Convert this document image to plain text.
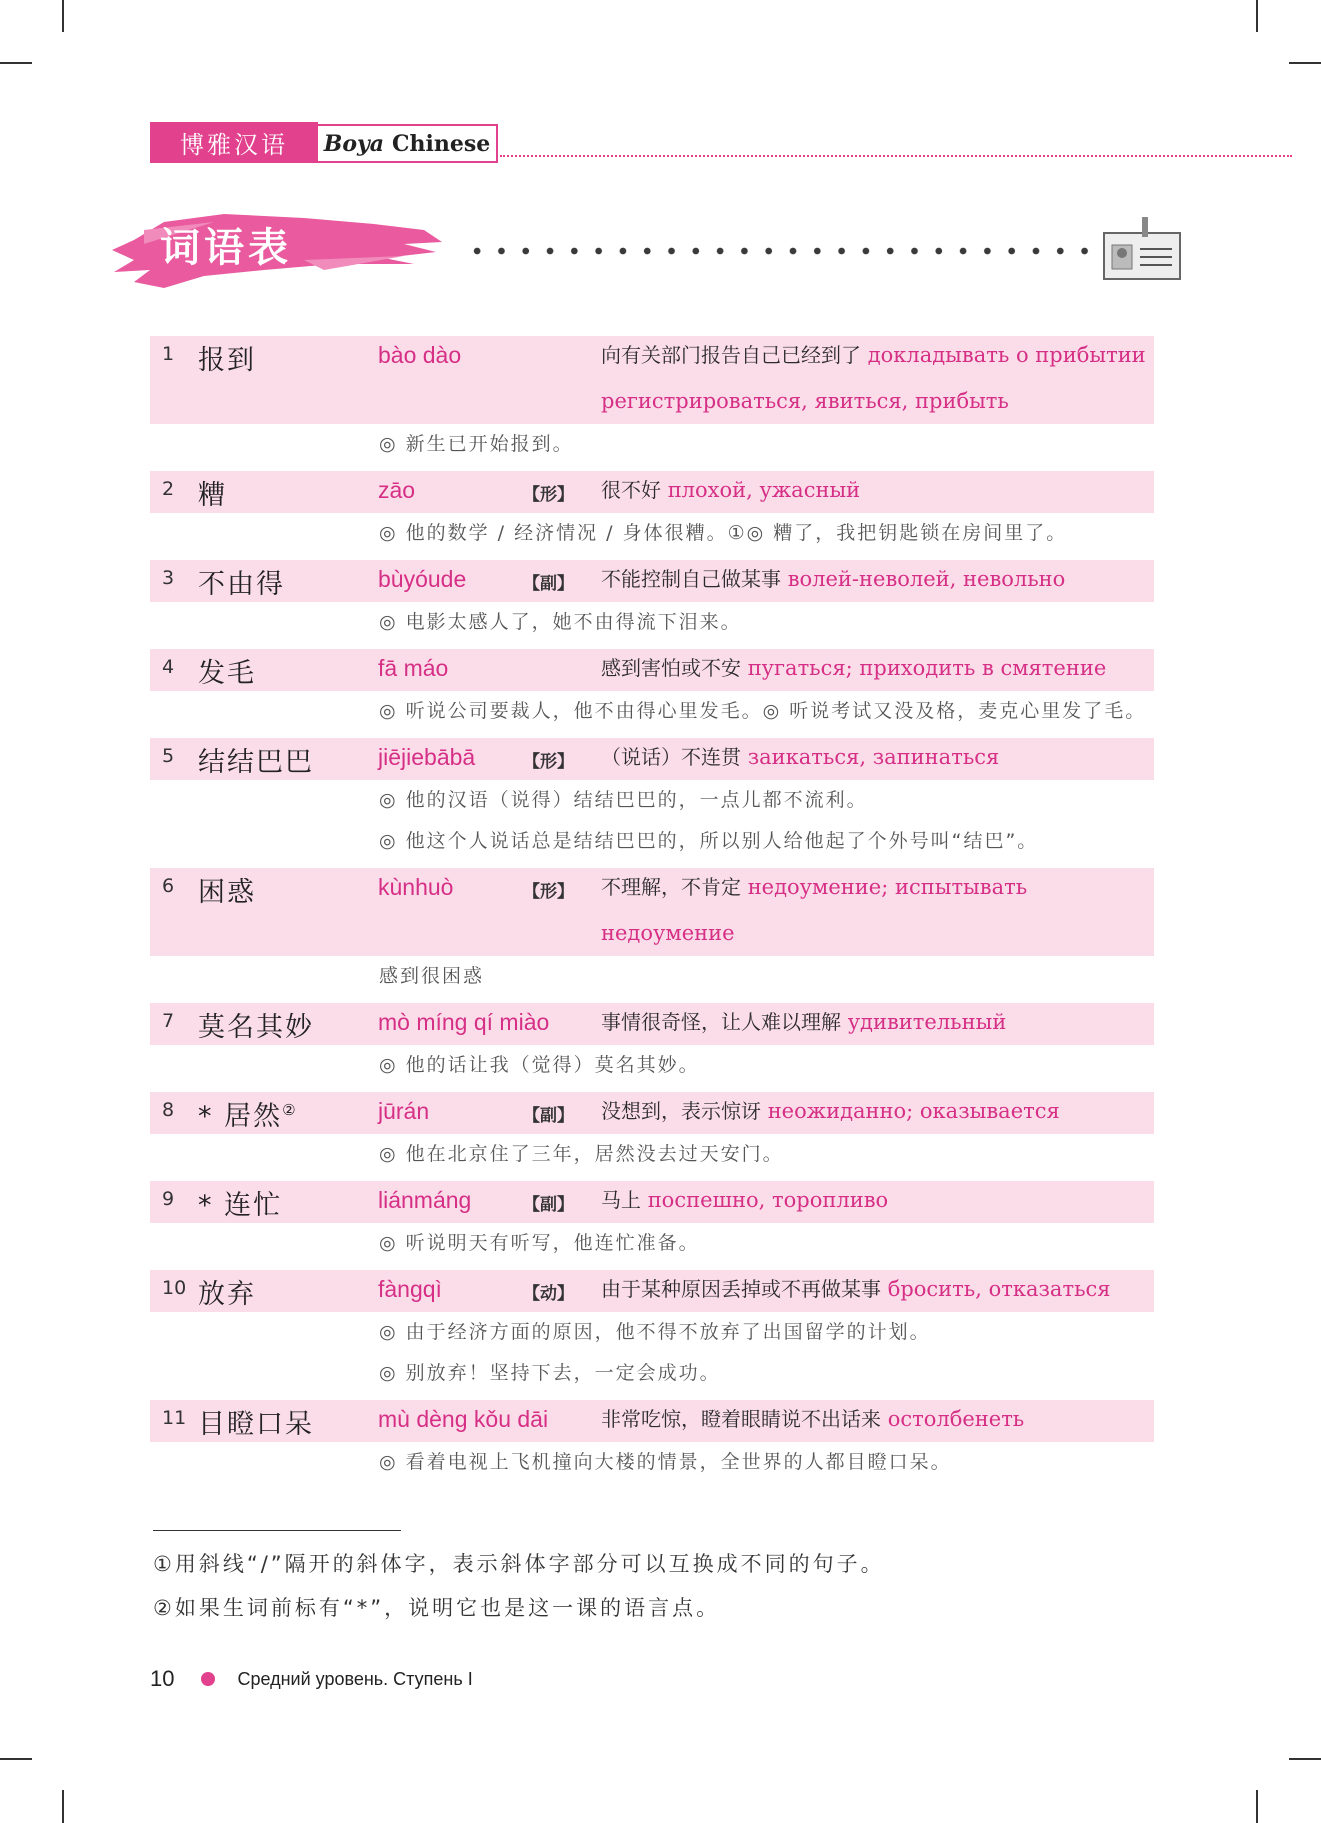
博雅汉语	Boya Chinese
词语表
1 报到	bào dào	向有关部门报告自己已经到了 докладывать о прибытии регистрироваться, явиться, прибыть
◎ 新生已开始报到。
2 糟	zāo	【形】	很不好 плохой, ужасный
◎ 他的数学 / 经济情况 / 身体很糟。①◎ 糟了，我把钥匙锁在房间里了。
3 不由得	bùyóude	【副】	不能控制自己做某事 волей-неволей, невольно
◎ 电影太感人了，她不由得流下泪来。
4 发毛	fā máo	感到害怕或不安 пугаться; приходить в смятение
◎ 听说公司要裁人，他不由得心里发毛。◎ 听说考试又没及格，麦克心里发了毛。
5 结结巴巴	jiējiebābā	【形】	（说话）不连贯 заикаться, запинаться
◎ 他的汉语（说得）结结巴巴的，一点儿都不流利。
◎ 他这个人说话总是结结巴巴的，所以别人给他起了个外号叫“结巴”。
6 困惑	kùnhuò	【形】	不理解，不肯定 недоумение; испытывать недоумение
感到很困惑
7 莫名其妙	mò míng qí miào	事情很奇怪，让人难以理解 удивительный
◎ 他的话让我（觉得）莫名其妙。
8 * 居然②	jūrán	【副】	没想到，表示惊讶 неожиданно; оказывается
◎ 他在北京住了三年，居然没去过天安门。
9 * 连忙	liánmáng	【副】	马上 поспешно, торопливо
◎ 听说明天有听写，他连忙准备。
10 放弃	fàngqì	【动】	由于某种原因丢掉或不再做某事 бросить, отказаться
◎ 由于经济方面的原因，他不得不放弃了出国留学的计划。
◎ 别放弃！坚持下去，一定会成功。
11 目瞪口呆	mù dèng kǒu dāi	非常吃惊，瞪着眼睛说不出话来 остолбенеть
◎ 看着电视上飞机撞向大楼的情景，全世界的人都目瞪口呆。
①用斜线“/”隔开的斜体字，表示斜体字部分可以互换成不同的句子。
②如果生词前标有“*”，说明它也是这一课的语言点。
10	Средний уровень. Ступень I
